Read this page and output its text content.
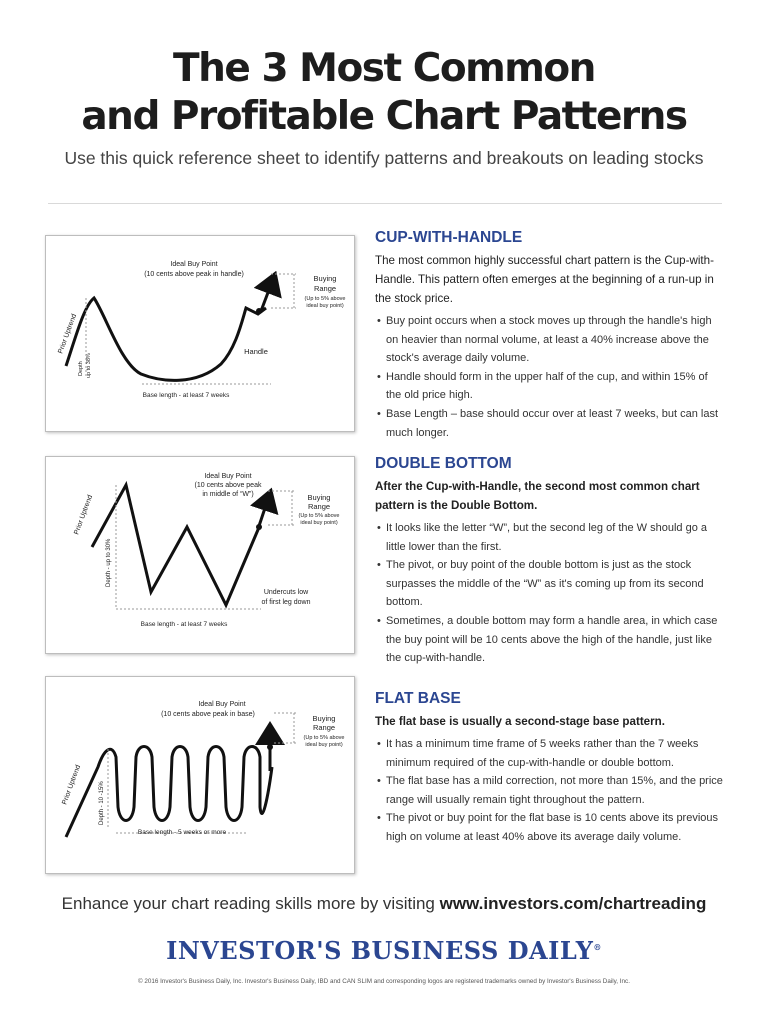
The 3 Most Common
and Profitable Chart Patterns
Use this quick reference sheet to identify patterns and breakouts on leading stocks
Ideal Buy Point
(10 cents above peak in handle)	Buying
Range
(Up to 5% above
ideal buy point)
Handle
Base length - at least 7 weeks
Prior Uptrend
Depth up to 38%
Ideal Buy Point
(10 cents above peak
in middle of “W”)	Buying
Range
(Up to 5% above
ideal buy point)
Undercuts low
of first leg down
Base length - at least 7 weeks
Prior Uptrend
Depth - up to 30%
Ideal Buy Point
(10 cents above peak in base)	Buying
Range
(Up to 5% above
ideal buy point)
Base length - 5 weeks or more
Prior Uptrend	Depth - 10 -15%
CUP-WITH-HANDLE

The most common highly successful chart pattern is the Cup-with-Handle. This pattern often emerges at the beginning of a run-up in the stock price.

• Buy point occurs when a stock moves up through the handle's high on heavier than normal volume, at least a 40% increase above the stock's average daily volume.
• Handle should form in the upper half of the cup, and within 15% of the old price high.
• Base Length – base should occur over at least 7 weeks, but can last much longer.
DOUBLE BOTTOM

After the Cup-with-Handle, the second most common chart pattern is the Double Bottom.

• It looks like the letter “W”, but the second leg of the W should go a little lower than the first.
• The pivot, or buy point of the double bottom is just as the stock surpasses the middle of the “W” as it's coming up from its second bottom.
• Sometimes, a double bottom may form a handle area, in which case the buy point will be 10 cents above the high of the handle, just like the cup-with-handle.
FLAT BASE

The flat base is usually a second-stage base pattern.

• It has a minimum time frame of 5 weeks rather than the 7 weeks minimum required of the cup-with-handle or double bottom.
• The flat base has a mild correction, not more than 15%, and the price range will usually remain tight throughout the pattern.
• The pivot or buy point for the flat base is 10 cents above its previous high on volume at least 40% above its average daily volume.
Enhance your chart reading skills more by visiting www.investors.com/chartreading
INVESTOR'S BUSINESS DAILY®
© 2016 Investor's Business Daily, Inc. Investor's Business Daily, IBD and CAN SLIM and corresponding logos are registered trademarks owned by Investor's Business Daily, Inc.
